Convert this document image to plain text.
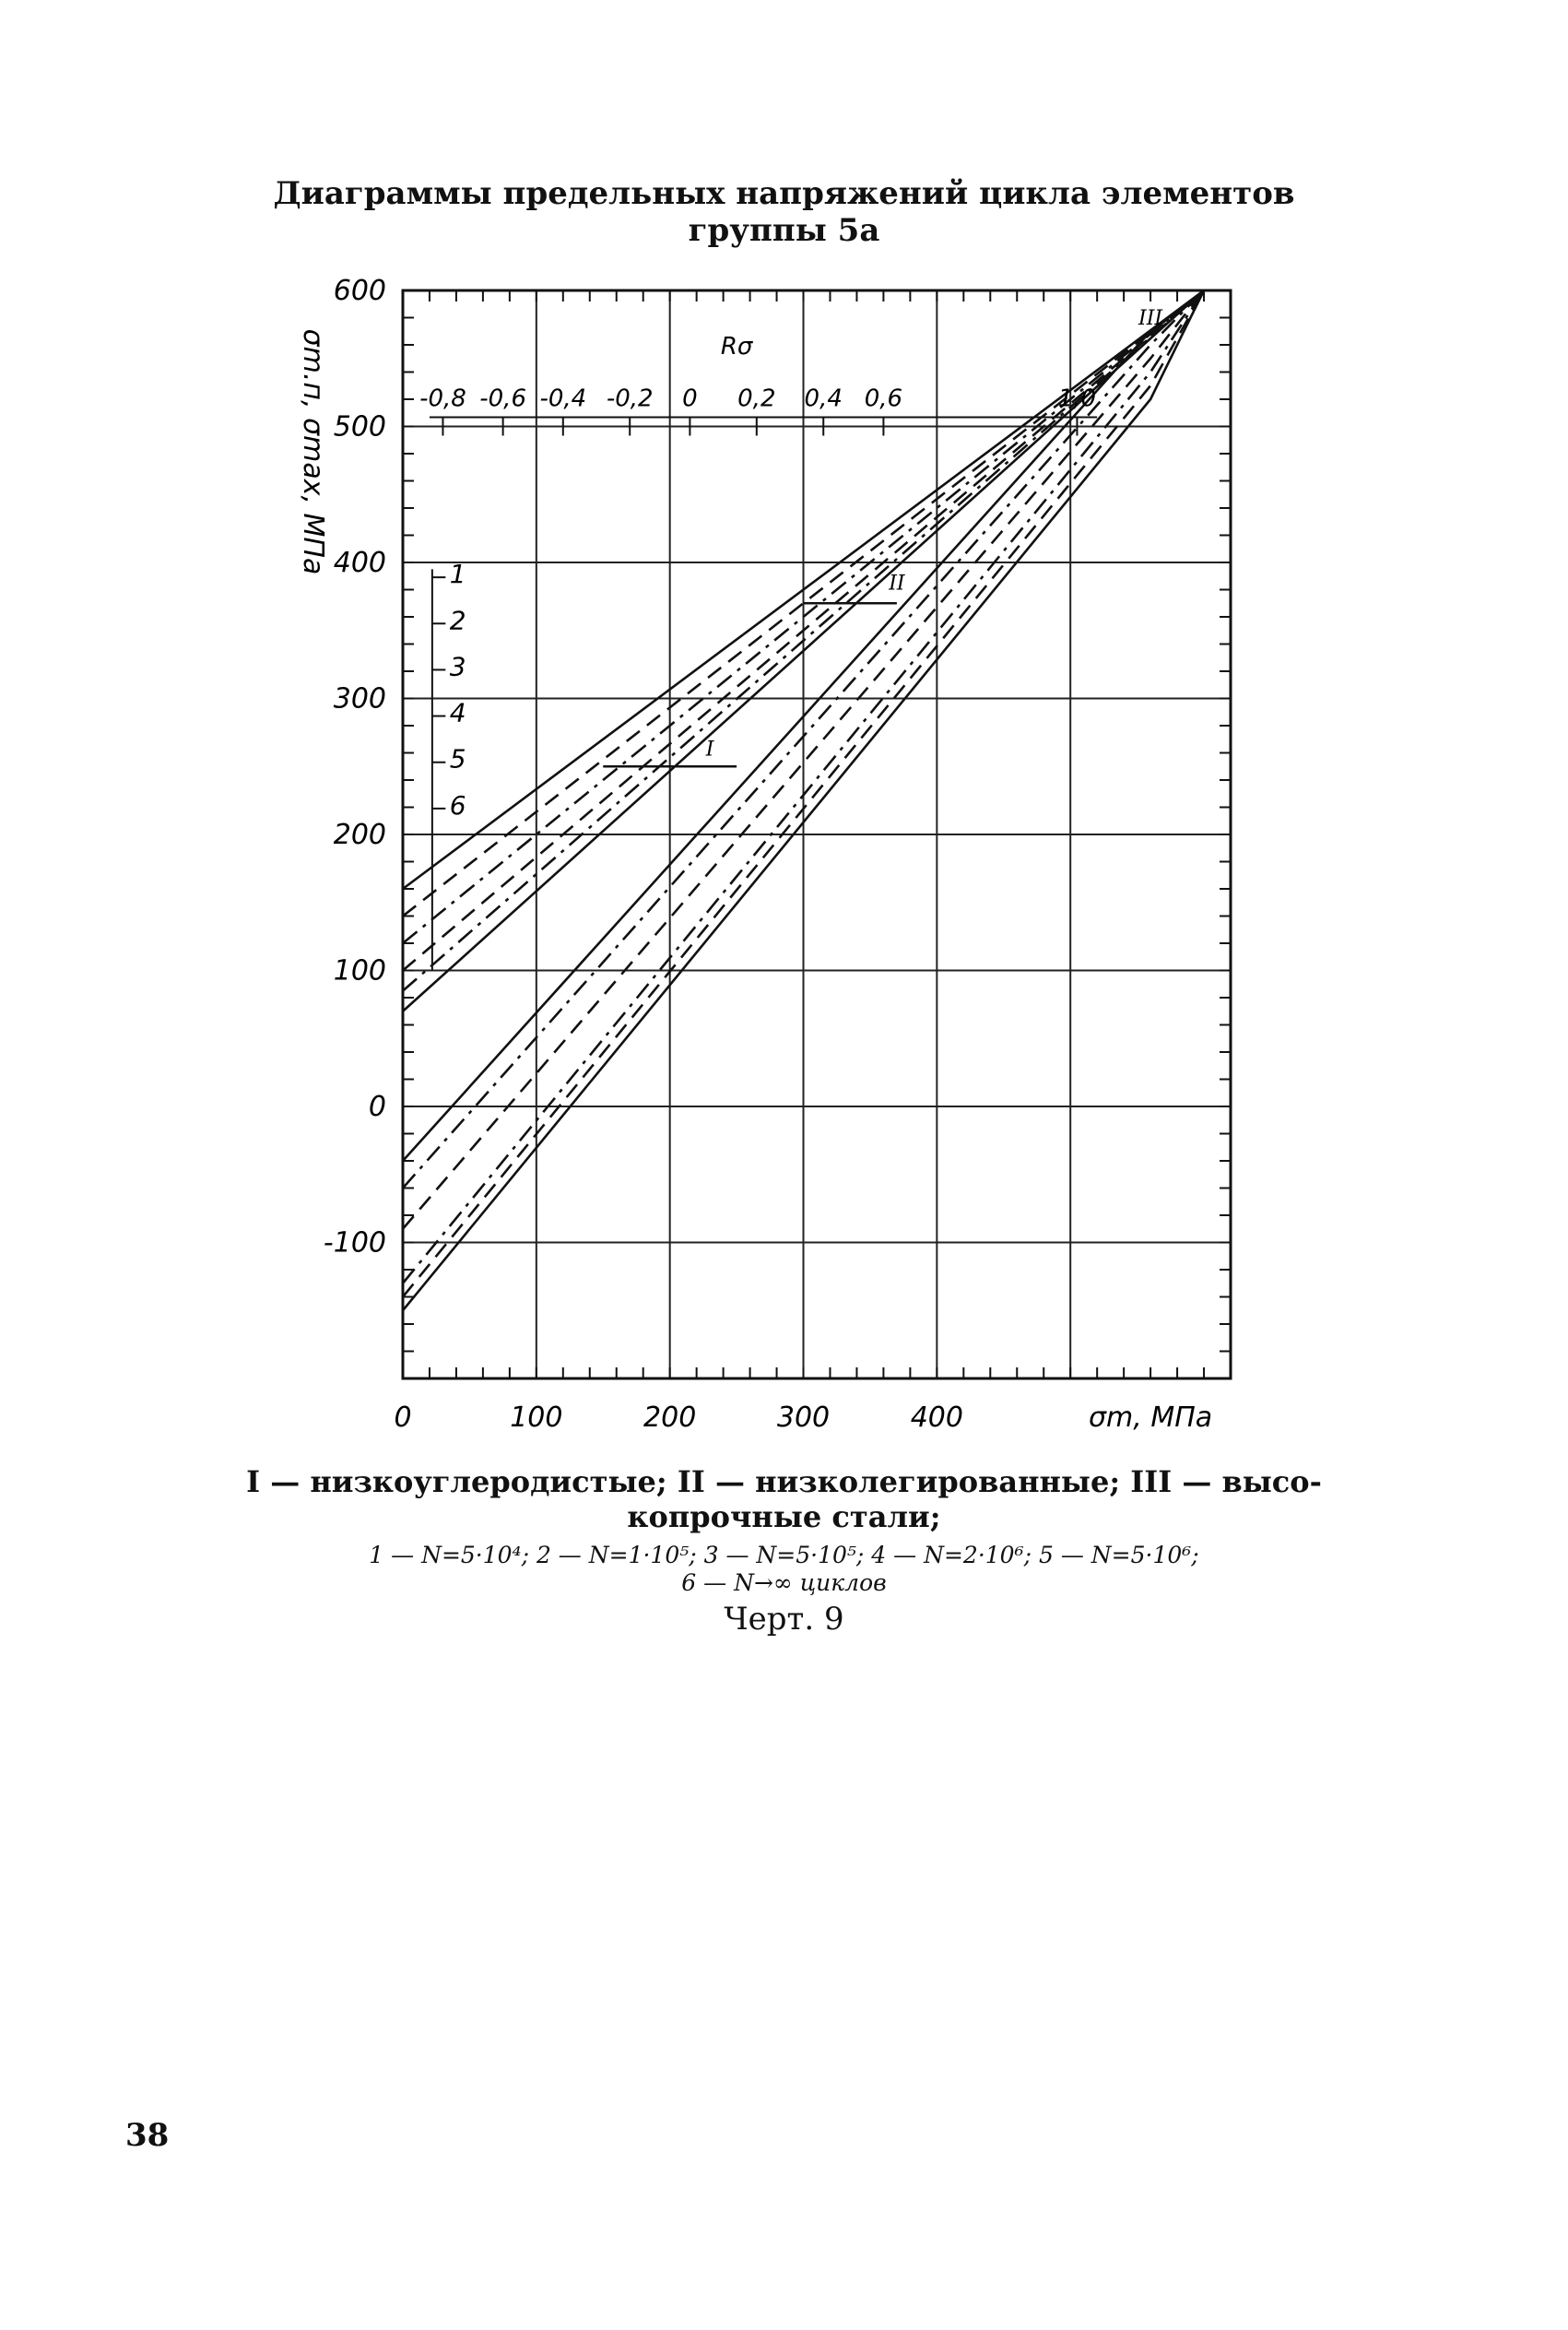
Диаграммы предельных напряжений цикла элементов
группы 5а
0	100	200	300	400
600
500
400
300
200
100
0
-100
σm, МПа
σm.п, σmax, МПа	Rσ
-0,8 -0,6 -0,4 -0,2 0 0,2 0,4 0,6	1,0
I
II
III
1
2
3
4
5
6
I — низкоуглеродистые; II — низколегированные; III — высо-
копрочные стали;
1 — N=5·10⁴; 2 — N=1·10⁵; 3 — N=5·10⁵; 4 — N=2·10⁶; 5 — N=5·10⁶;
6 — N→∞ циклов
Черт. 9
38
